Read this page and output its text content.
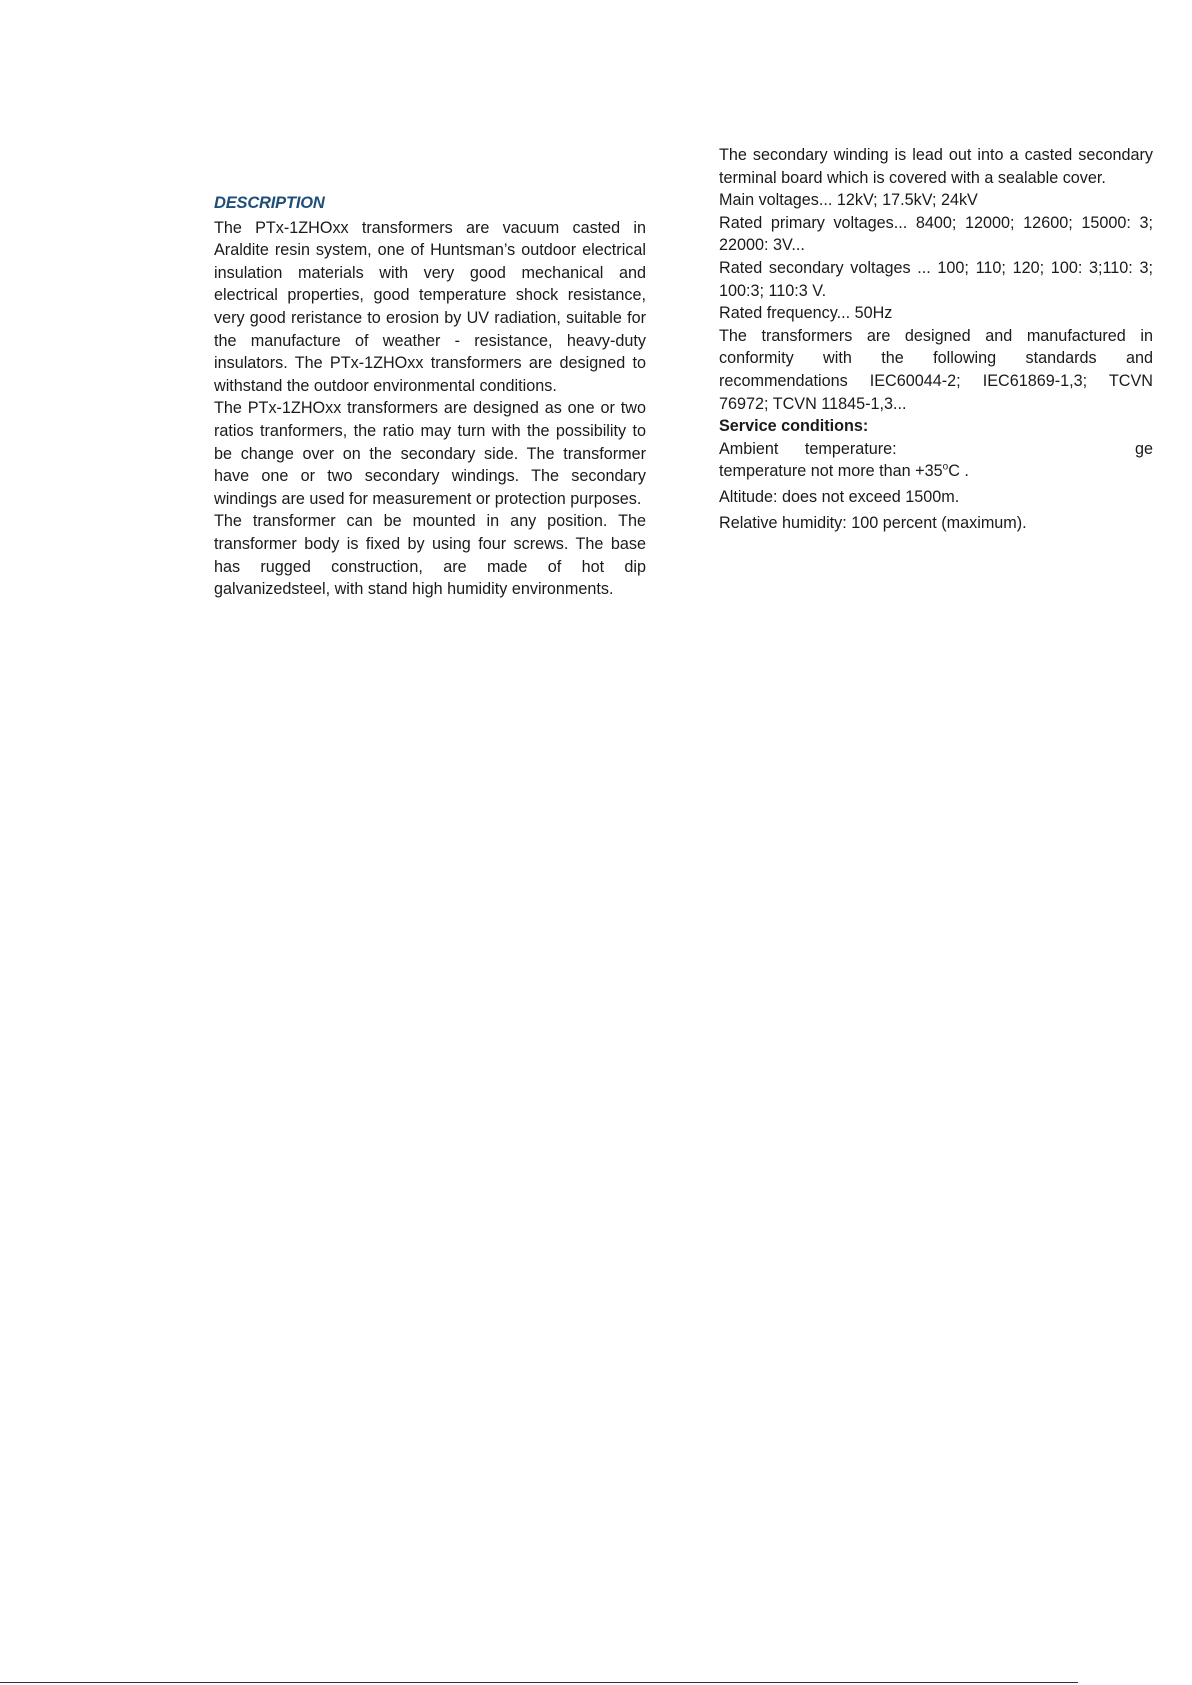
DESCRIPTION

The PTx-1ZHOxx transformers are vacuum casted in Araldite resin system, one of Huntsman’s outdoor electrical insulation materials with very good mechanical and electrical properties, good temperature shock resistance, very good reristance to erosion by UV radiation, suitable for the manufacture of weather - resistance, heavy-duty insulators. The PTx-1ZHOxx transformers are designed to withstand the outdoor environmental conditions.

The PTx-1ZHOxx transformers are designed as one or two ratios tranformers, the ratio may turn with the possibility to be change over on the secondary side. The transformer have one or two secondary windings. The secondary windings are used for measurement or protection purposes.

The transformer can be mounted in any position. The transformer body is fixed by using four screws. The base has rugged construction, are made of hot dip galvanizedsteel, with stand high humidity environments.

The secondary winding is lead out into a casted secondary terminal board which is covered with a sealable cover.

Main voltages... 12kV; 17.5kV; 24kV

Rated primary voltages... 8400; 12000; 12600; 15000: 3; 22000: 3V...

Rated secondary voltages ... 100; 110; 120; 100: 3;110: 3; 100:3; 110:3 V.

Rated frequency... 50Hz

The transformers are designed and manufactured in conformity with the following standards and recommendations IEC60044-2; IEC61869-1,3; TCVN 76972; TCVN 11845-1,3...

Service conditions:

Ambient    temperature:                                    ge

temperature not more than $+35^oC$ .

Altitude: does not exceed 1500m.

Relative humidity: 100 percent (maximum).
